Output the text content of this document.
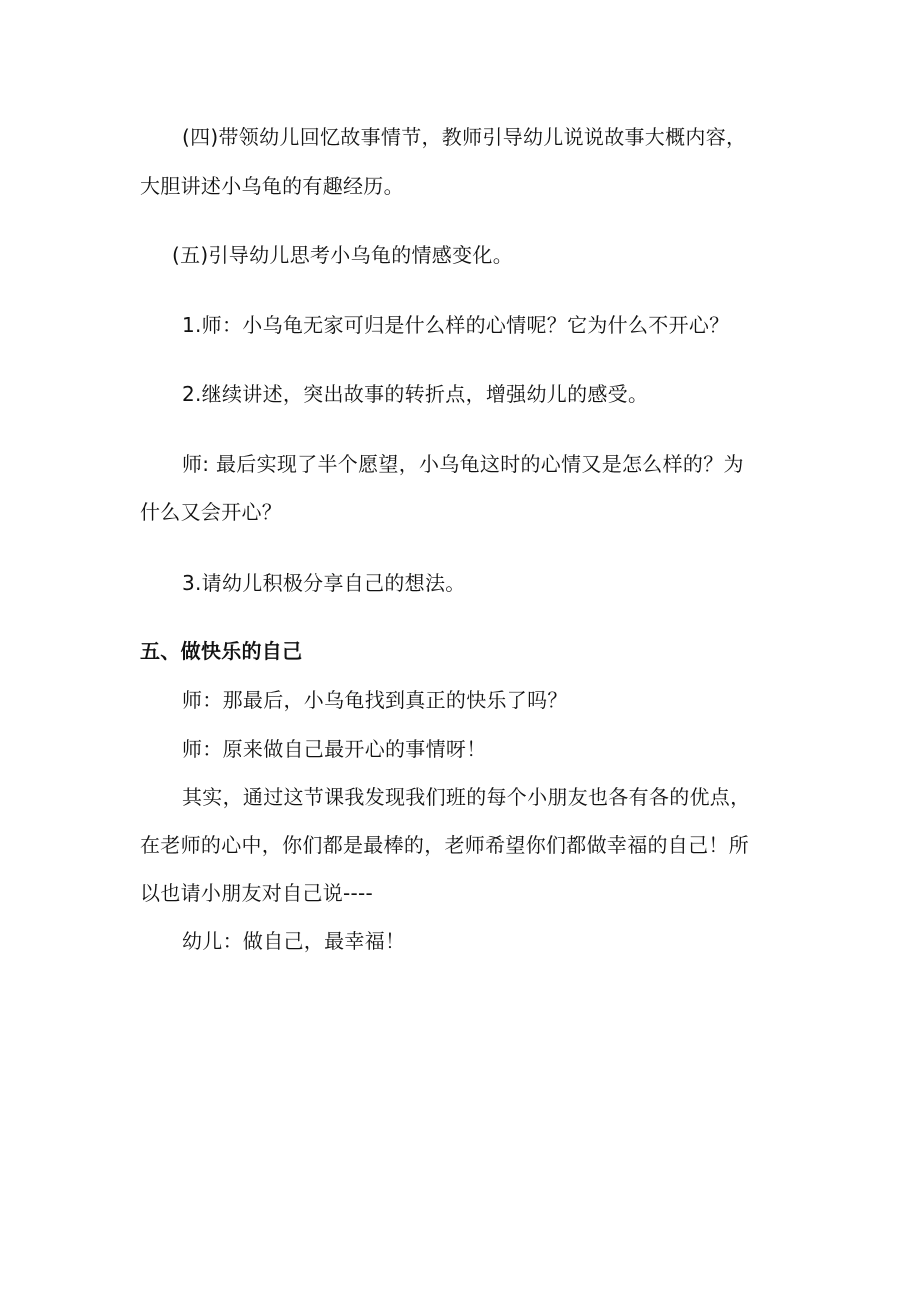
(四)带领幼儿回忆故事情节，教师引导幼儿说说故事大概内容，
大胆讲述小乌龟的有趣经历。
(五)引导幼儿思考小乌龟的情感变化。
1.师：小乌龟无家可归是什么样的心情呢？它为什么不开心？
2.继续讲述，突出故事的转折点，增强幼儿的感受。
师: 最后实现了半个愿望，小乌龟这时的心情又是怎么样的？为
什么又会开心？
3.请幼儿积极分享自己的想法。
五、做快乐的自己
师：那最后，小乌龟找到真正的快乐了吗？
师：原来做自己最开心的事情呀！
其实，通过这节课我发现我们班的每个小朋友也各有各的优点，
在老师的心中，你们都是最棒的，老师希望你们都做幸福的自己！所
以也请小朋友对自己说----
幼儿：做自己，最幸福！
